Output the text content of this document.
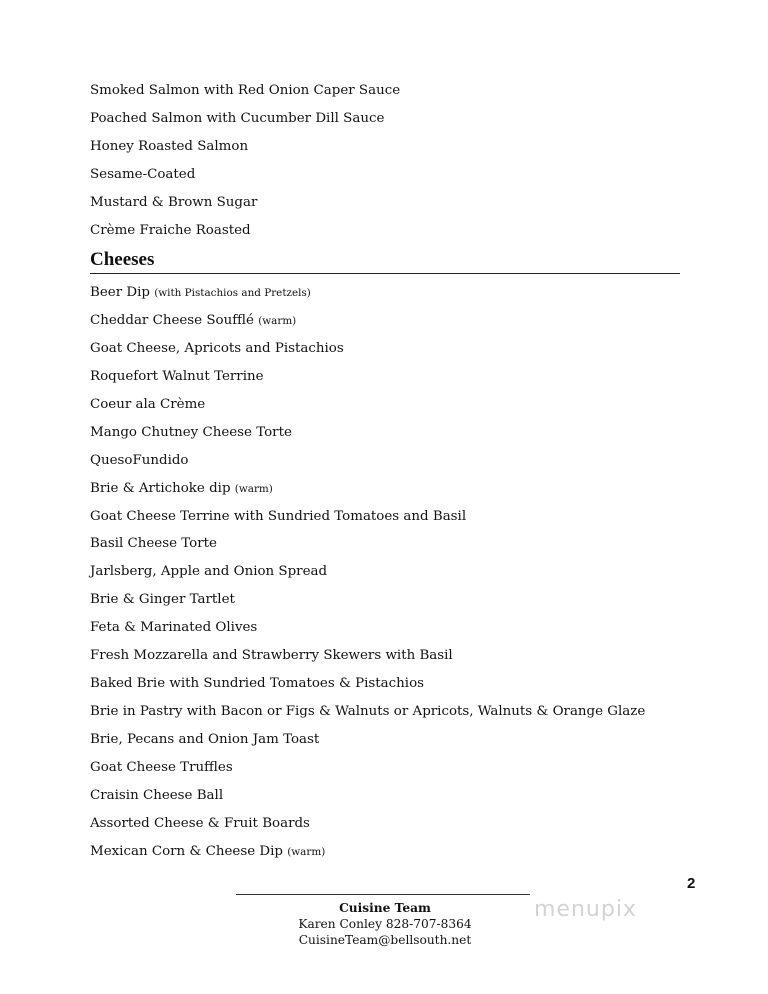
Smoked Salmon with Red Onion Caper Sauce
Poached Salmon with Cucumber Dill Sauce
Honey Roasted Salmon
Sesame-Coated
Mustard & Brown Sugar
Crème Fraiche Roasted
Cheeses
Beer Dip (with Pistachios and Pretzels)
Cheddar Cheese Soufflé (warm)
Goat Cheese, Apricots and Pistachios
Roquefort Walnut Terrine
Coeur ala Crème
Mango Chutney Cheese Torte
QuesoFundido
Brie & Artichoke dip (warm)
Goat Cheese Terrine with Sundried Tomatoes and Basil
Basil Cheese Torte
Jarlsberg, Apple and Onion Spread
Brie & Ginger Tartlet
Feta & Marinated Olives
Fresh Mozzarella and Strawberry Skewers with Basil
Baked Brie with Sundried Tomatoes & Pistachios
Brie in Pastry with Bacon or Figs & Walnuts or Apricots, Walnuts & Orange Glaze
Brie, Pecans and Onion Jam Toast
Goat Cheese Truffles
Craisin Cheese Ball
Assorted Cheese & Fruit Boards
Mexican Corn & Cheese Dip (warm)
Cuisine Team
Karen Conley 828-707-8364
CuisineTeam@bellsouth.net
2
menupix
